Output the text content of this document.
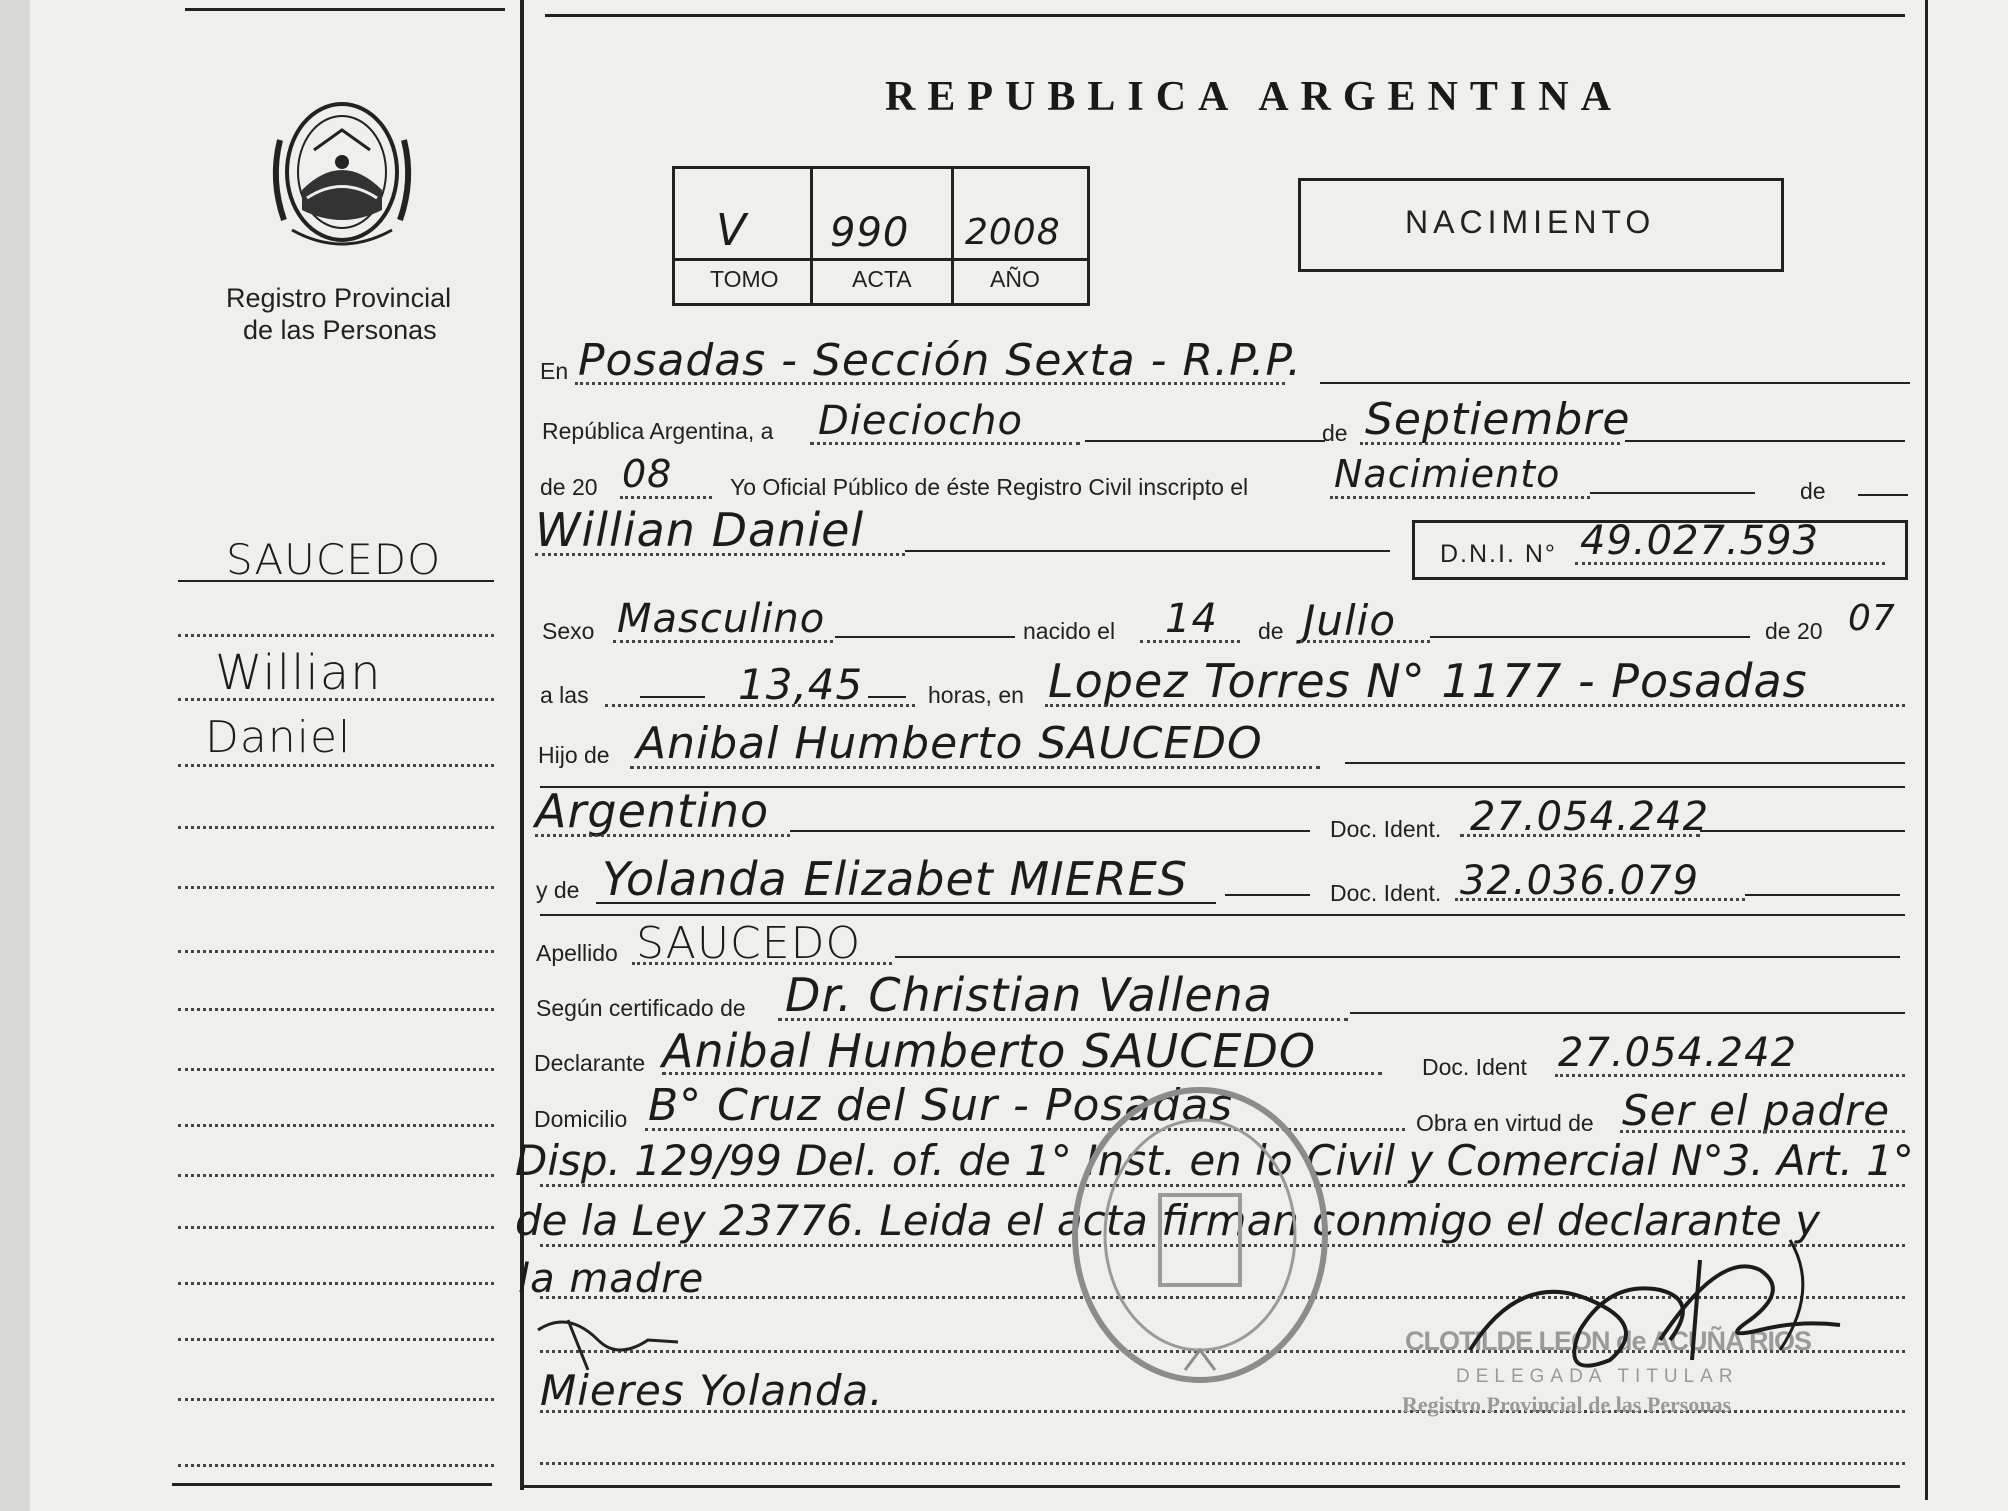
Registro Provincial
de las Personas
REPUBLICA ARGENTINA
V 990 2008
TOMO	ACTA	AÑO
NACIMIENTO
SAUCEDO
Willian
Daniel
En Posadas - Sección Sexta - R.P.P.
República Argentina, a Dieciocho	de Septiembre
de 20 08	Yo Oficial Público de éste Registro Civil inscripto el Nacimiento	de
Willian Daniel	D.N.I. N° 49.027.593
Sexo Masculino	nacido el 14 de Julio	de 20 07
a las	13,45	horas, en Lopez Torres N° 1177 - Posadas
Hijo de Anibal Humberto SAUCEDO
Argentino	Doc. Ident. 27.054.242
y de Yolanda Elizabet MIERES	Doc. Ident. 32.036.079
Apellido SAUCEDO
Según certificado de Dr. Christian Vallena
Declarante Anibal Humberto SAUCEDO	Doc. Ident 27.054.242
Domicilio B° Cruz del Sur - Posadas	Obra en virtud de Ser el padre
Disp. 129/99 Del. of. de 1° Inst. en lo Civil y Comercial N°3. Art. 1°
de la Ley 23776. Leida el acta firman conmigo el declarante y
la madre
Mieres Yolanda.
CLOTILDE LEON de ACUÑA RIOS
DELEGADA TITULAR
Registro Provincial de las Personas
